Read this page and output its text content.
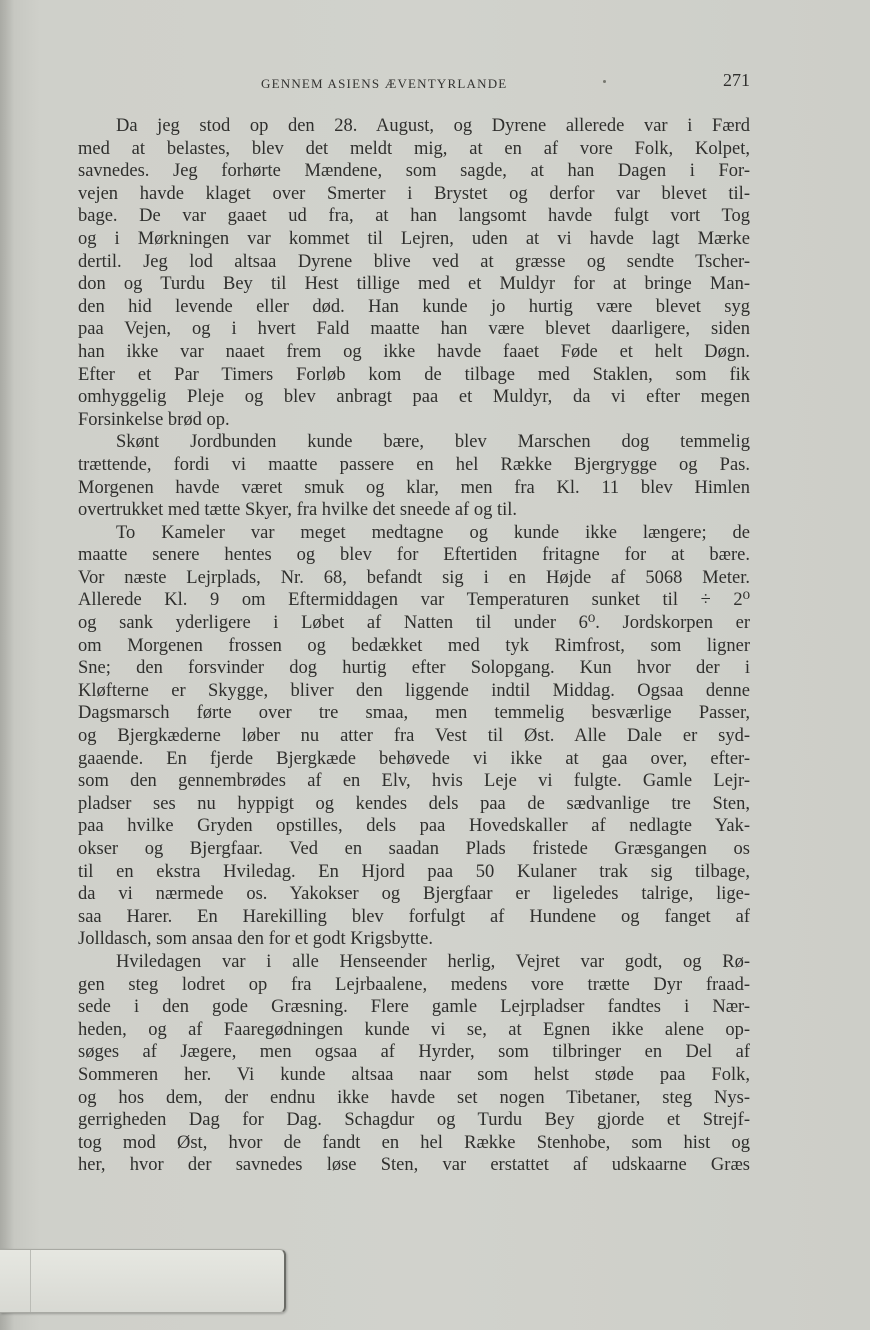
GENNEM ASIENS ÆVENTYRLANDE	271
Da jeg stod op den 28. August, og Dyrene allerede var i Færd
med at belastes, blev det meldt mig, at en af vore Folk, Kolpet,
savnedes. Jeg forhørte Mændene, som sagde, at han Dagen i For-
vejen havde klaget over Smerter i Brystet og derfor var blevet til-
bage. De var gaaet ud fra, at han langsomt havde fulgt vort Tog
og i Mørkningen var kommet til Lejren, uden at vi havde lagt Mærke
dertil. Jeg lod altsaa Dyrene blive ved at græsse og sendte Tscher-
don og Turdu Bey til Hest tillige med et Muldyr for at bringe Man-
den hid levende eller død. Han kunde jo hurtig være blevet syg
paa Vejen, og i hvert Fald maatte han være blevet daarligere, siden
han ikke var naaet frem og ikke havde faaet Føde et helt Døgn.
Efter et Par Timers Forløb kom de tilbage med Staklen, som fik
omhyggelig Pleje og blev anbragt paa et Muldyr, da vi efter megen
Forsinkelse brød op.
Skønt Jordbunden kunde bære, blev Marschen dog temmelig
trættende, fordi vi maatte passere en hel Række Bjergrygge og Pas.
Morgenen havde været smuk og klar, men fra Kl. 11 blev Himlen
overtrukket med tætte Skyer, fra hvilke det sneede af og til.
To Kameler var meget medtagne og kunde ikke længere; de
maatte senere hentes og blev for Eftertiden fritagne for at bære.
Vor næste Lejrplads, Nr. 68, befandt sig i en Højde af 5068 Meter.
Allerede Kl. 9 om Eftermiddagen var Temperaturen sunket til ÷ 2⁰
og sank yderligere i Løbet af Natten til under 6⁰. Jordskorpen er
om Morgenen frossen og bedækket med tyk Rimfrost, som ligner
Sne; den forsvinder dog hurtig efter Solopgang. Kun hvor der i
Kløfterne er Skygge, bliver den liggende indtil Middag. Ogsaa denne
Dagsmarsch førte over tre smaa, men temmelig besværlige Passer,
og Bjergkæderne løber nu atter fra Vest til Øst. Alle Dale er syd-
gaaende. En fjerde Bjergkæde behøvede vi ikke at gaa over, efter-
som den gennembrødes af en Elv, hvis Leje vi fulgte. Gamle Lejr-
pladser ses nu hyppigt og kendes dels paa de sædvanlige tre Sten,
paa hvilke Gryden opstilles, dels paa Hovedskaller af nedlagte Yak-
okser og Bjergfaar. Ved en saadan Plads fristede Græsgangen os
til en ekstra Hviledag. En Hjord paa 50 Kulaner trak sig tilbage,
da vi nærmede os. Yakokser og Bjergfaar er ligeledes talrige, lige-
saa Harer. En Harekilling blev forfulgt af Hundene og fanget af
Jolldasch, som ansaa den for et godt Krigsbytte.
Hviledagen var i alle Henseender herlig, Vejret var godt, og Rø-
gen steg lodret op fra Lejrbaalene, medens vore trætte Dyr fraad-
sede i den gode Græsning. Flere gamle Lejrpladser fandtes i Nær-
heden, og af Faaregødningen kunde vi se, at Egnen ikke alene op-
søges af Jægere, men ogsaa af Hyrder, som tilbringer en Del af
Sommeren her. Vi kunde altsaa naar som helst støde paa Folk,
og hos dem, der endnu ikke havde set nogen Tibetaner, steg Nys-
gerrigheden Dag for Dag. Schagdur og Turdu Bey gjorde et Strejf-
tog mod Øst, hvor de fandt en hel Række Stenhobe, som hist og
her, hvor der savnedes løse Sten, var erstattet af udskaarne Græs
